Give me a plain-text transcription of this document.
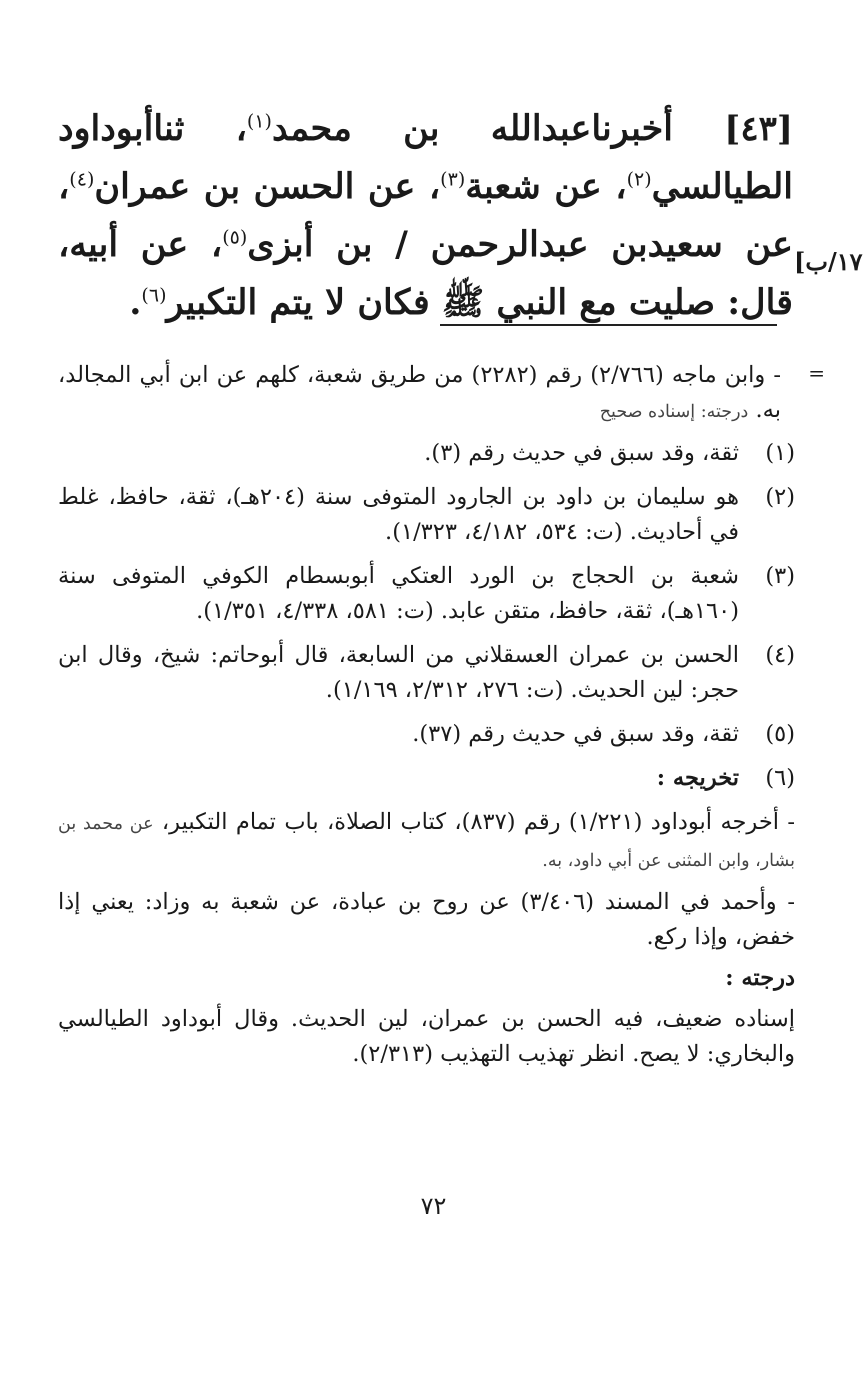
[٤٣] أخبرناعبدالله بن محمد$^{(١)}$، ثناأبوداود الطيالسي$^{(٢)}$، عن شعبة$^{(٣)}$، عن الحسن بن عمران$^{(٤)}$، عن سعيدبن عبدالرحمن / بن أبزى$^{(٥)}$، عن أبيه، قال: صليت مع النبي ﷺ فكان لا يتم التكبير$^{(٦)}$.
١٧/ب]
=
- وابن ماجه (٢/٧٦٦) رقم (٢٢٨٢) من طريق شعبة، كلهم عن ابن أبي المجالد، به. درجته: إسناده صحيح
(١)
ثقة، وقد سبق في حديث رقم (٣).
(٢)
هو سليمان بن داود بن الجارود المتوفى سنة (٢٠٤هـ)، ثقة، حافظ، غلط في أحاديث. (ت: ٥٣٤، ٤/١٨٢، ١/٣٢٣).
(٣)
شعبة بن الحجاج بن الورد العتكي أبوبسطام الكوفي المتوفى سنة (١٦٠هـ)، ثقة، حافظ، متقن عابد. (ت: ٥٨١، ٤/٣٣٨، ١/٣٥١).
(٤)
الحسن بن عمران العسقلاني من السابعة، قال أبوحاتم: شيخ، وقال ابن حجر: لين الحديث. (ت: ٢٧٦، ٢/٣١٢، ١/١٦٩).
(٥)
ثقة، وقد سبق في حديث رقم (٣٧).
(٦)
تخريجه :
- أخرجه أبوداود (١/٢٢١) رقم (٨٣٧)، كتاب الصلاة، باب تمام التكبير، عن محمد بن بشار، وابن المثنى عن أبي داود، به.
- وأحمد في المسند (٣/٤٠٦) عن روح بن عبادة، عن شعبة به وزاد: يعني إذا خفض، وإذا ركع.
درجته :
إسناده ضعيف، فيه الحسن بن عمران، لين الحديث. وقال أبوداود الطيالسي والبخاري: لا يصح. انظر تهذيب التهذيب (٢/٣١٣).
٧٢
